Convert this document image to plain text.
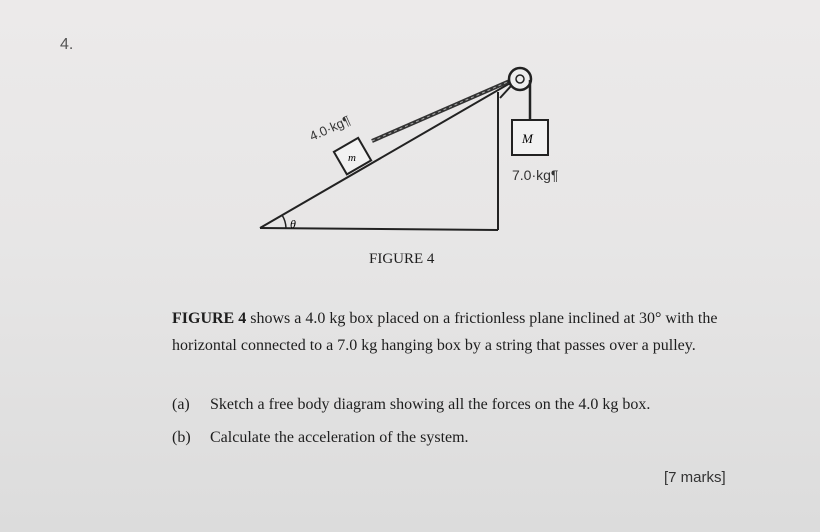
4.
θ
m
4.0·kg¶	M
7.0·kg¶
FIGURE 4

FIGURE 4 shows a 4.0 kg box placed on a frictionless plane inclined at 30° with the horizontal connected to a 7.0 kg hanging box by a string that passes over a pulley.

(a) Sketch a free body diagram showing all the forces on the 4.0 kg box.
(b) Calculate the acceleration of the system.
[7 marks]
